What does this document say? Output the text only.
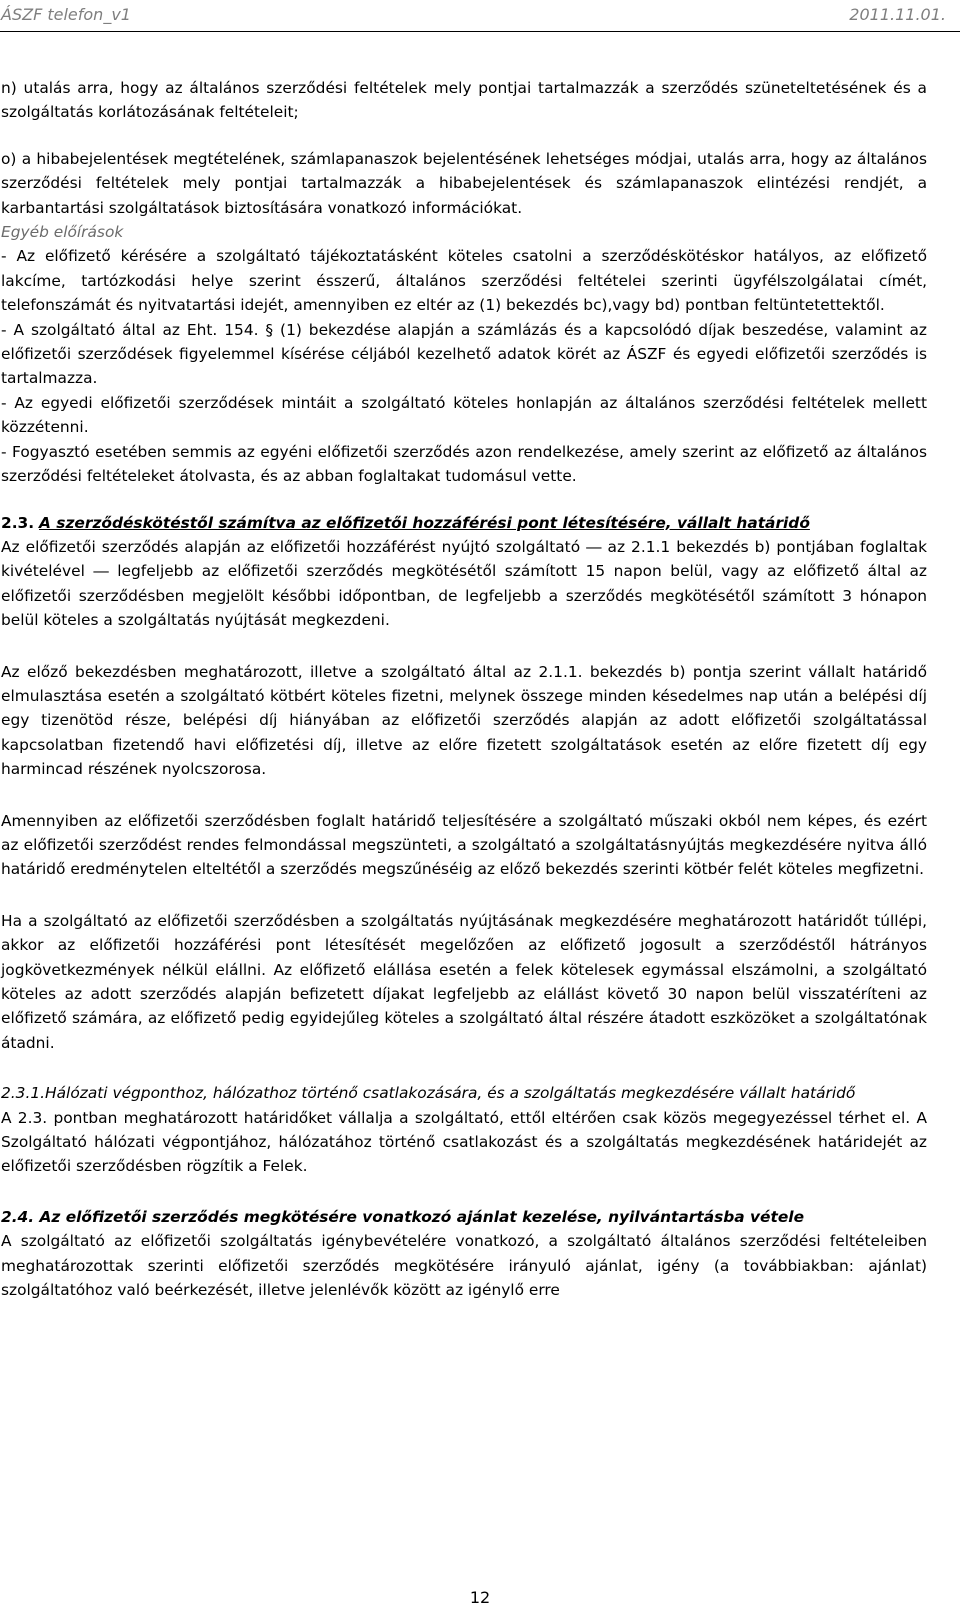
ÁSZF telefon_v1	2011.11.01.

n) utalás arra, hogy az általános szerződési feltételek mely pontjai tartalmazzák a szerződés szüneteltetésének és a szolgáltatás korlátozásának feltételeit;

o) a hibabejelentések megtételének, számlapanaszok bejelentésének lehetséges módjai, utalás arra, hogy az általános szerződési feltételek mely pontjai tartalmazzák a hibabejelentések és számlapanaszok elintézési rendjét, a karbantartási szolgáltatások biztosítására vonatkozó információkat.

Egyéb előírások

- Az előfizető kérésére a szolgáltató tájékoztatásként köteles csatolni a szerződéskötéskor hatályos, az előfizető lakcíme, tartózkodási helye szerint ésszerű, általános szerződési feltételei szerinti ügyfélszolgálatai címét, telefonszámát és nyitvatartási idejét, amennyiben ez eltér az (1) bekezdés bc),vagy bd) pontban feltüntetettektől.

- A szolgáltató által az Eht. 154. § (1) bekezdése alapján a számlázás és a kapcsolódó díjak beszedése, valamint az előfizetői szerződések figyelemmel kísérése céljából kezelhető adatok körét az ÁSZF és egyedi előfizetői szerződés is tartalmazza.

- Az egyedi előfizetői szerződések mintáit a szolgáltató köteles honlapján az általános szerződési feltételek mellett közzétenni.

- Fogyasztó esetében semmis az egyéni előfizetői szerződés azon rendelkezése, amely szerint az előfizető az általános szerződési feltételeket átolvasta, és az abban foglaltakat tudomásul vette.

2.3. A szerződéskötéstől számítva az előfizetői hozzáférési pont létesítésére, vállalt határidő

Az előfizetői szerződés alapján az előfizetői hozzáférést nyújtó szolgáltató ― az 2.1.1 bekezdés b) pontjában foglaltak kivételével ― legfeljebb az előfizetői szerződés megkötésétől számított 15 napon belül, vagy az előfizető által az előfizetői szerződésben megjelölt későbbi időpontban, de legfeljebb a szerződés megkötésétől számított 3 hónapon belül köteles a szolgáltatás nyújtását megkezdeni.

Az előző bekezdésben meghatározott, illetve a szolgáltató által az 2.1.1. bekezdés b) pontja szerint vállalt határidő elmulasztása esetén a szolgáltató kötbért köteles fizetni, melynek összege minden késedelmes nap után a belépési díj egy tizenötöd része, belépési díj hiányában az előfizetői szerződés alapján az adott előfizetői szolgáltatással kapcsolatban fizetendő havi előfizetési díj, illetve az előre fizetett szolgáltatások esetén az előre fizetett díj egy harmincad részének nyolcszorosa.

Amennyiben az előfizetői szerződésben foglalt határidő teljesítésére a szolgáltató műszaki okból nem képes, és ezért az előfizetői szerződést rendes felmondással megszünteti, a szolgáltató a szolgáltatásnyújtás megkezdésére nyitva álló határidő eredménytelen elteltétől a szerződés megszűnéséig az előző bekezdés szerinti kötbér felét köteles megfizetni.

Ha a szolgáltató az előfizetői szerződésben a szolgáltatás nyújtásának megkezdésére meghatározott határidőt túllépi, akkor az előfizetői hozzáférési pont létesítését megelőzően az előfizető jogosult a szerződéstől hátrányos jogkövetkezmények nélkül elállni. Az előfizető elállása esetén a felek kötelesek egymással elszámolni, a szolgáltató köteles az adott szerződés alapján befizetett díjakat legfeljebb az elállást követő 30 napon belül visszatéríteni az előfizető számára, az előfizető pedig egyidejűleg köteles a szolgáltató által részére átadott eszközöket a szolgáltatónak átadni.

2.3.1.Hálózati végponthoz, hálózathoz történő csatlakozására, és a szolgáltatás megkezdésére vállalt határidő

A 2.3. pontban meghatározott határidőket vállalja a szolgáltató, ettől eltérően csak közös megegyezéssel térhet el. A Szolgáltató hálózati végpontjához, hálózatához történő csatlakozást és a szolgáltatás megkezdésének határidejét az előfizetői szerződésben rögzítik a Felek.

2.4. Az előfizetői szerződés megkötésére vonatkozó ajánlat kezelése, nyilvántartásba vétele

A szolgáltató az előfizetői szolgáltatás igénybevételére vonatkozó, a szolgáltató általános szerződési feltételeiben meghatározottak szerinti előfizetői szerződés megkötésére irányuló ajánlat, igény (a továbbiakban: ajánlat) szolgáltatóhoz való beérkezését, illetve jelenlévők között az igénylő erre

12
